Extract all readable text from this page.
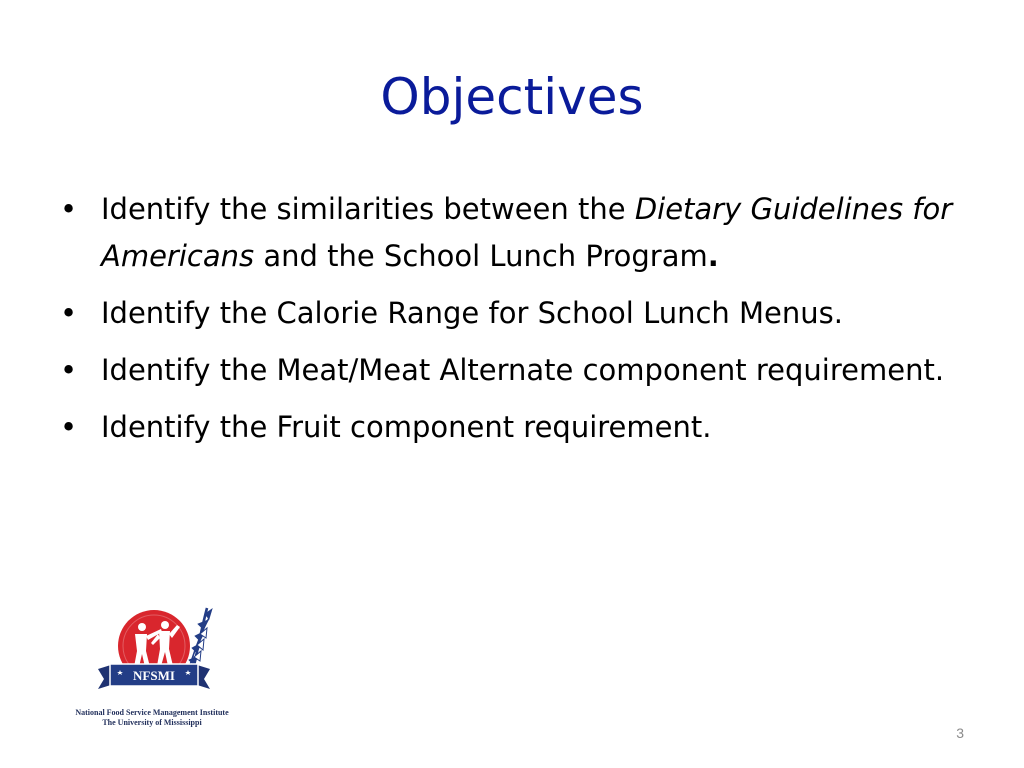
Objectives
• Identify the similarities between the Dietary Guidelines for Americans and the School Lunch Program.
• Identify the Calorie Range for School Lunch Menus.
• Identify the Meat/Meat Alternate component requirement.
• Identify the Fruit component requirement.
NFSMI
National Food Service Management Institute
The University of Mississippi
3
